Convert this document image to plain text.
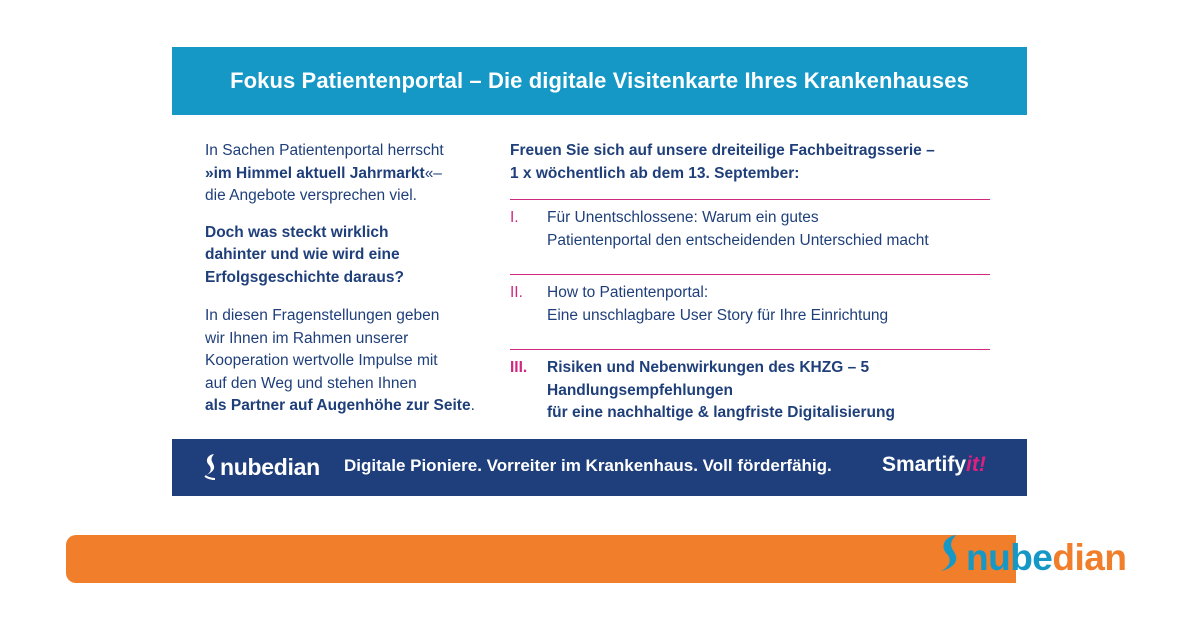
Fokus Patientenportal – Die digitale Visitenkarte Ihres Krankenhauses

In Sachen Patientenportal herrscht
»im Himmel aktuell Jahrmarkt«–
die Angebote versprechen viel.

Doch was steckt wirklich
dahinter und wie wird eine
Erfolgsgeschichte daraus?

In diesen Fragenstellungen geben
wir Ihnen im Rahmen unserer
Kooperation wertvolle Impulse mit
auf den Weg und stehen Ihnen
als Partner auf Augenhöhe zur Seite.

Freuen Sie sich auf unsere dreiteilige Fachbeitragsserie –
1 x wöchentlich ab dem 13. September:
I.	Für Unentschlossene: Warum ein gutes
Patientenportal den entscheidenden Unterschied macht
II.	How to Patientenportal:
Eine unschlagbare User Story für Ihre Einrichtung
III.	Risiken und Nebenwirkungen des KHZG – 5 Handlungsempfehlungen
für eine nachhaltige & langfriste Digitalisierung
nubedian Digitale Pioniere. Vorreiter im Krankenhaus. Voll förderfähig. Smartifyit!
nube dian
